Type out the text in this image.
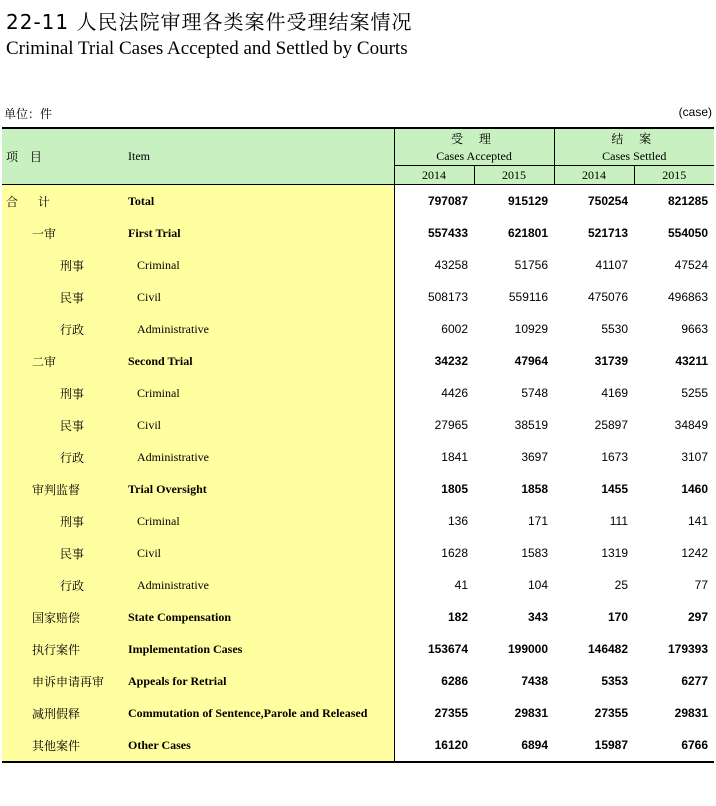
22-11 人民法院审理各类案件受理结案情况
Criminal Trial Cases Accepted and Settled by Courts
单位：件	(case)
项 目	Item	受 理		结 案	
		Cases Accepted		Cases Settled	
		2014	2015	2014	2015

合 计	Total	797087	915129	750254	821285

一审	First Trial	557433	621801	521713	554050

刑事	Criminal	43258	51756	41107	47524

民事	Civil	508173	559116	475076	496863

行政	Administrative	6002	10929	5530	9663

二审	Second Trial	34232	47964	31739	43211

刑事	Criminal	4426	5748	4169	5255

民事	Civil	27965	38519	25897	34849

行政	Administrative	1841	3697	1673	3107

审判监督	Trial Oversight	1805	1858	1455	1460

刑事	Criminal	136	171	111	141

民事	Civil	1628	1583	1319	1242

行政	Administrative	41	104	25	77

国家赔偿	State Compensation	182	343	170	297

执行案件	Implementation Cases	153674	199000	146482	179393

申诉申请再审	Appeals for Retrial	6286	7438	5353	6277

减刑假释	Commutation of Sentence,Parole and Released	27355	29831	27355	29831

其他案件	Other Cases	16120	6894	15987	6766
